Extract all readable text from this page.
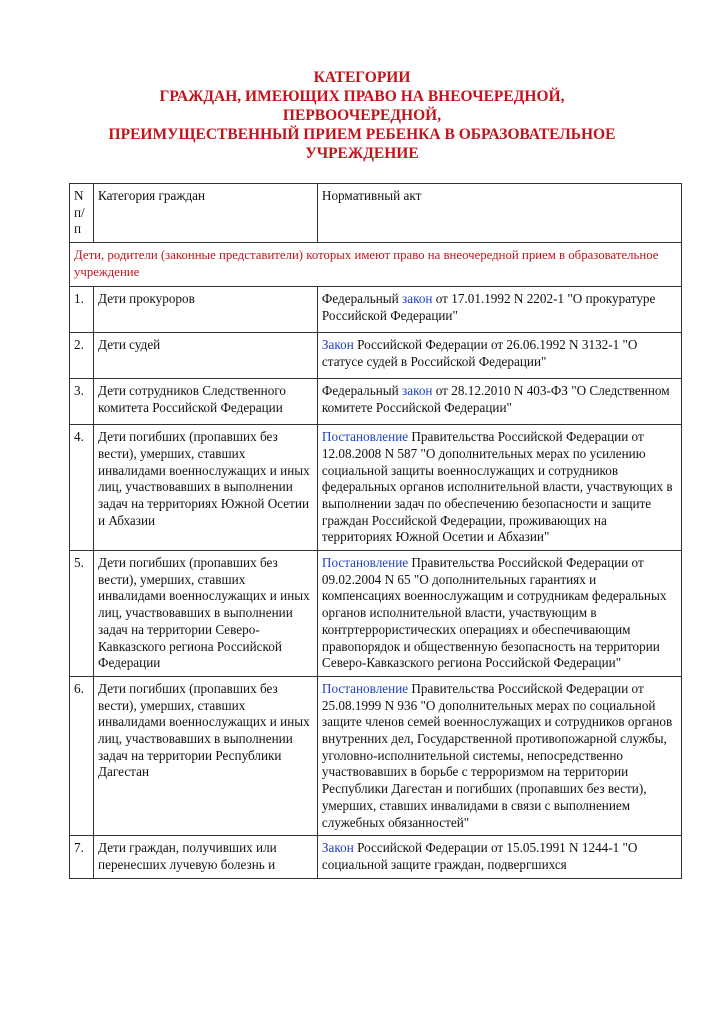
КАТЕГОРИИ
ГРАЖДАН, ИМЕЮЩИХ ПРАВО НА ВНЕОЧЕРЕДНОЙ,
ПЕРВООЧЕРЕДНОЙ,
ПРЕИМУЩЕСТВЕННЫЙ ПРИЕМ РЕБЕНКА В ОБРАЗОВАТЕЛЬНОЕ
УЧРЕЖДЕНИЕ
N п/п	Категория граждан	Нормативный акт
Дети, родители (законные представители) которых имеют право на внеочередной прием в образовательное учреждение		
1.	Дети прокуроров	Федеральный закон от 17.01.1992 N 2202-1 "О прокуратуре Российской Федерации"
2.	Дети судей	Закон Российской Федерации от 26.06.1992 N 3132-1 "О статусе судей в Российской Федерации"
3.	Дети сотрудников Следственного комитета Российской Федерации	Федеральный закон от 28.12.2010 N 403-ФЗ "О Следственном комитете Российской Федерации"
4.	Дети погибших (пропавших без вести), умерших, ставших инвалидами военнослужащих и иных лиц, участвовавших в выполнении задач на территориях Южной Осетии и Абхазии	Постановление Правительства Российской Федерации от 12.08.2008 N 587 "О дополнительных мерах по усилению социальной защиты военнослужащих и сотрудников федеральных органов исполнительной власти, участвующих в выполнении задач по обеспечению безопасности и защите граждан Российской Федерации, проживающих на территориях Южной Осетии и Абхазии"
5.	Дети погибших (пропавших без вести), умерших, ставших инвалидами военнослужащих и иных лиц, участвовавших в выполнении задач на территории Северо-Кавказского региона Российской Федерации	Постановление Правительства Российской Федерации от 09.02.2004 N 65 "О дополнительных гарантиях и компенсациях военнослужащим и сотрудникам федеральных органов исполнительной власти, участвующим в контртеррористических операциях и обеспечивающим правопорядок и общественную безопасность на территории Северо-Кавказского региона Российской Федерации"
6.	Дети погибших (пропавших без вести), умерших, ставших инвалидами военнослужащих и иных лиц, участвовавших в выполнении задач на территории Республики Дагестан	Постановление Правительства Российской Федерации от 25.08.1999 N 936 "О дополнительных мерах по социальной защите членов семей военнослужащих и сотрудников органов внутренних дел, Государственной противопожарной службы, уголовно-исполнительной системы, непосредственно участвовавших в борьбе с терроризмом на территории Республики Дагестан и погибших (пропавших без вести), умерших, ставших инвалидами в связи с выполнением служебных обязанностей"
7.	Дети граждан, получивших или перенесших лучевую болезнь и	Закон Российской Федерации от 15.05.1991 N 1244-1 "О социальной защите граждан, подвергшихся
